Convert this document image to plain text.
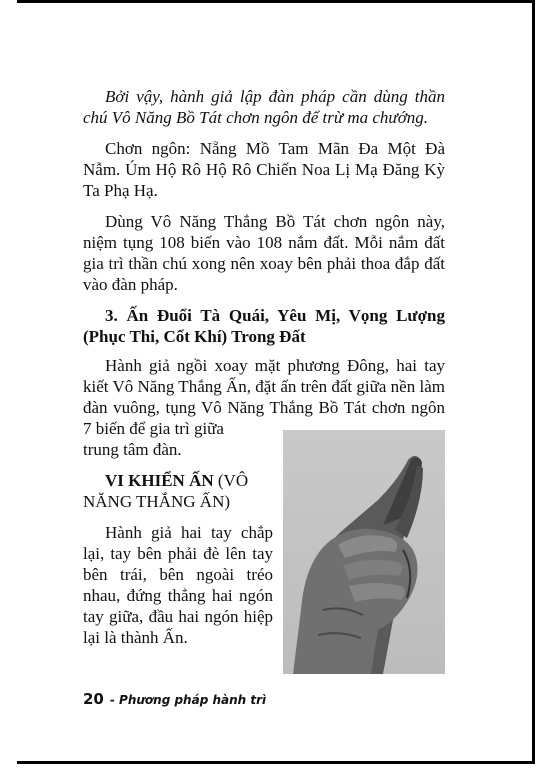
Bởi vậy, hành giả lập đàn pháp cần dùng thần chú Vô Năng Bồ Tát chơn ngôn để trừ ma chướng.

Chơn ngôn: Nẵng Mồ Tam Mãn Đa Một Đà Nẫm. Úm Hộ Rô Hộ Rô Chiến Noa Lị Mạ Đăng Kỳ Ta Phạ Hạ.

Dùng Vô Năng Thắng Bồ Tát chơn ngôn này, niệm tụng 108 biến vào 108 nắm đất. Mỗi nắm đất gia trì thần chú xong nên xoay bên phải thoa đắp đất vào đàn pháp.

3. Ấn Đuổi Tà Quái, Yêu Mị, Vọng Lượng (Phục Thi, Cốt Khí) Trong Đất

Hành giả ngồi xoay mặt phương Đông, hai tay kiết Vô Năng Thắng Ấn, đặt ấn trên đất giữa nền làm đàn vuông, tụng Vô Năng Thắng Bồ Tát chơn ngôn 7 biến để gia trì giữa

trung tâm đàn.
VI KHIỂN ẤN (VÔ NĂNG THẮNG ẤN)

Hành giả hai tay chắp lại, tay bên phải đè lên tay bên trái, bên ngoài tréo nhau, đứng thẳng hai ngón tay giữa, đầu hai ngón hiệp lại là thành Ấn.

20 - Phương pháp hành trì
